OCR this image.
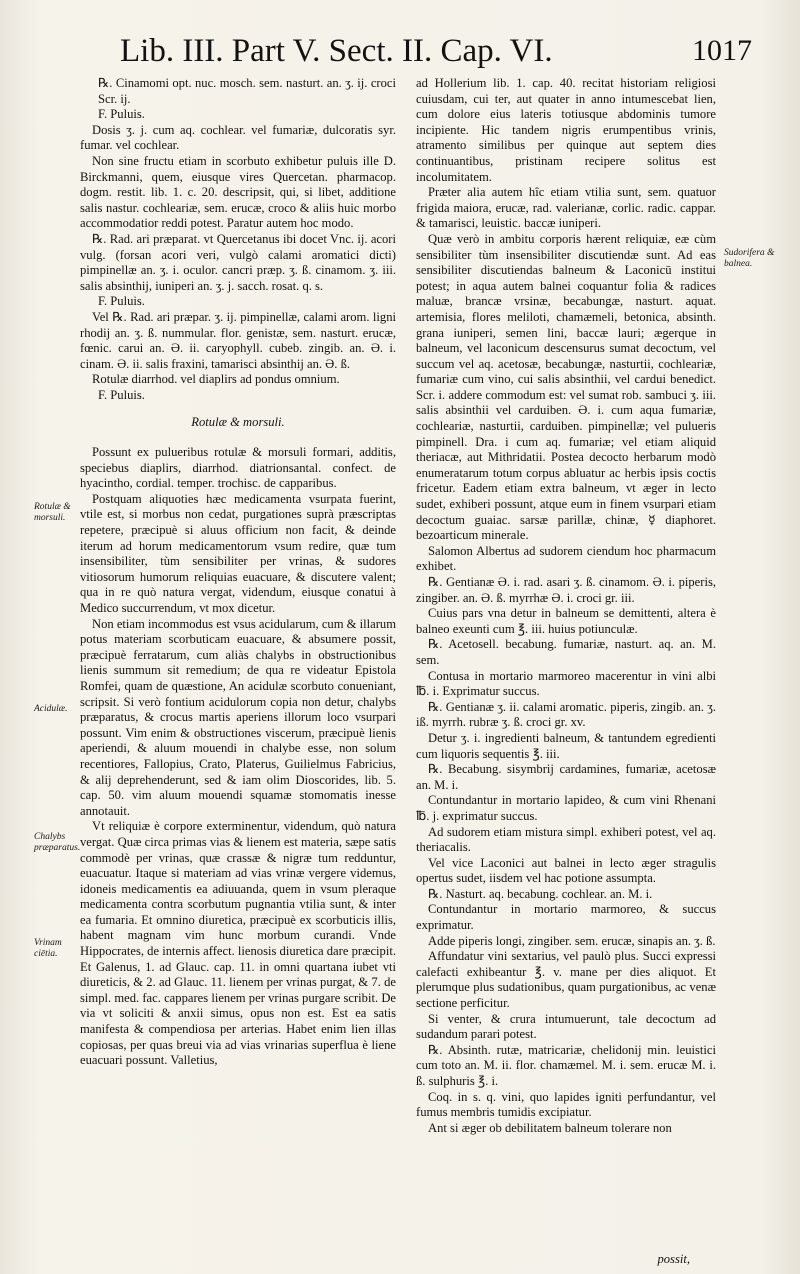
Lib. III. Part V. Sect. II. Cap. VI.	1017
Rotulæ & morsuli.
Acidulæ.
Chalybs præparatus.
Vrinam ciētia.
Sudorifera & balnea.

℞. Cinamomi opt. nuc. mosch. sem. nasturt. an. ʒ. ij. croci Scr. ij.

F. Puluis.

Dosis ʒ. j. cum aq. cochlear. vel fumariæ, dulcoratis syr. fumar. vel cochlear.

Non sine fructu etiam in scorbuto exhibetur puluis ille D. Birckmanni, quem, eiusque vires Quercetan. pharmacop. dogm. restit. lib. 1. c. 20. descripsit, qui, si libet, additione salis nastur. cochleariæ, sem. erucæ, croco & aliis huic morbo accommodatior reddi potest. Paratur autem hoc modo.

℞. Rad. ari præparat. vt Quercetanus ibi docet Vnc. ij. acori vulg. (forsan acori veri, vulgò calami aromatici dicti) pimpinellæ an. ʒ. i. oculor. cancri præp. ʒ. ß. cinamom. ʒ. iii. salis absinthij, iuniperi an. ʒ. j. sacch. rosat. q. s.

F. Puluis.

Vel ℞. Rad. ari præpar. ʒ. ij. pimpinellæ, calami arom. ligni rhodij an. ʒ. ß. nummular. flor. genistæ, sem. nasturt. erucæ, fœnic. carui an. Ə. ii. caryophyll. cubeb. zingib. an. Ə. i. cinam. Ə. ii. salis fraxini, tamarisci absinthij an. Ə. ß.

Rotulæ diarrhod. vel diaplirs ad pondus omnium.

F. Puluis.

Rotulæ & morsuli.

Possunt ex pulueribus rotulæ & morsuli formari, additis, speciebus diaplirs, diarrhod. diatrionsantal. confect. de hyacintho, cordial. temper. trochisc. de capparibus.

Postquam aliquoties hæc medicamenta vsurpata fuerint, vtile est, si morbus non cedat, purgationes suprà præscriptas repetere, præcipuè si aluus officium non facit, & deinde iterum ad horum medicamentorum vsum redire, quæ tum insensibiliter, tùm sensibiliter per vrinas, & sudores vitiosorum humorum reliquias euacuare, & discutere valent; qua in re quò natura vergat, videndum, eiusque conatui à Medico succurrendum, vt mox dicetur.

Non etiam incommodus est vsus acidularum, cum & illarum potus materiam scorbuticam euacuare, & absumere possit, præcipuè ferratarum, cum aliàs chalybs in obstructionibus lienis summum sit remedium; de qua re videatur Epistola Romfei, quam de quæstione, An acidulæ scorbuto conueniant, scripsit. Si verò fontium acidulorum copia non detur, chalybs præparatus, & crocus martis aperiens illorum loco vsurpari possunt. Vim enim & obstructiones viscerum, præcipuè lienis aperiendi, & aluum mouendi in chalybe esse, non solum recentiores, Fallopius, Crato, Platerus, Guilielmus Fabricius, & alij deprehenderunt, sed & iam olim Dioscorides, lib. 5. cap. 50. vim aluum mouendi squamæ stomomatis inesse annotauit.

Vt reliquiæ è corpore exterminentur, videndum, quò natura vergat. Quæ circa primas vias & lienem est materia, sæpe satis commodè per vrinas, quæ crassæ & nigræ tum redduntur, euacuatur. Itaque si materiam ad vias vrinæ vergere videmus, idoneis medicamentis ea adiuuanda, quem in vsum pleraque medicamenta contra scorbutum pugnantia vtilia sunt, & inter ea fumaria. Et omnino diuretica, præcipuè ex scorbuticis illis, habent magnam vim hunc morbum curandi. Vnde Hippocrates, de internis affect. lienosis diuretica dare præcipit. Et Galenus, 1. ad Glauc. cap. 11. in omni quartana iubet vti diureticis, & 2. ad Glauc. 11. lienem per vrinas purgat, & 7. de simpl. med. fac. cappares lienem per vrinas purgare scribit. De via vt soliciti & anxii simus, opus non est. Est ea satis manifesta & compendiosa per arterias. Habet enim lien illas copiosas, per quas breui via ad vias vrinarias superflua è liene euacuari possunt. Valletius,

ad Hollerium lib. 1. cap. 40. recitat historiam religiosi cuiusdam, cui ter, aut quater in anno intumescebat lien, cum dolore eius lateris totiusque abdominis tumore incipiente. Hic tandem nigris erumpentibus vrinis, atramento similibus per quinque aut septem dies continuantibus, pristinam recipere solitus est incolumitatem.

Præter alia autem hîc etiam vtilia sunt, sem. quatuor frigida maiora, erucæ, rad. valerianæ, corlic. radic. cappar. & tamarisci, leuistic. baccæ iuniperi.

Quæ verò in ambitu corporis hærent reliquiæ, eæ cùm sensibiliter tùm insensibiliter discutiendæ sunt. Ad eas sensibiliter discutiendas balneum & Laconicū institui potest; in aqua autem balnei coquantur folia & radices maluæ, brancæ vrsinæ, becabungæ, nasturt. aquat. artemisia, flores meliloti, chamæmeli, betonica, absinth. grana iuniperi, semen lini, baccæ lauri; ægerque in balneum, vel laconicum descensurus sumat decoctum, vel succum vel aq. acetosæ, becabungæ, nasturtii, cochleariæ, fumariæ cum vino, cui salis absinthii, vel cardui benedict. Scr. i. addere commodum est: vel sumat rob. sambuci ʒ. iii. salis absinthii vel carduiben. Ə. i. cum aqua fumariæ, cochleariæ, nasturtii, carduiben. pimpinellæ; vel pulueris pimpinell. Dra. i cum aq. fumariæ; vel etiam aliquid theriacæ, aut Mithridatii. Postea decocto herbarum modò enumeratarum totum corpus abluatur ac herbis ipsis coctis fricetur. Eadem etiam extra balneum, vt æger in lecto sudet, exhiberi possunt, atque eum in finem vsurpari etiam decoctum guaiac. sarsæ parillæ, chinæ, ☿ diaphoret. bezoarticum minerale.

Salomon Albertus ad sudorem ciendum hoc pharmacum exhibet.

℞. Gentianæ Ə. i. rad. asari ʒ. ß. cinamom. Ə. i. piperis, zingiber. an. Ə. ß. myrrhæ Ə. i. croci gr. iii.

Cuius pars vna detur in balneum se demittenti, altera è balneo exeunti cum ℥. iii. huius potiunculæ.

℞. Acetosell. becabung. fumariæ, nasturt. aq. an. M. sem.

Contusa in mortario marmoreo macerentur in vini albi ℔. i. Exprimatur succus.

℞. Gentianæ ʒ. ii. calami aromatic. piperis, zingib. an. ʒ. iß. myrrh. rubræ ʒ. ß. croci gr. xv.

Detur ʒ. i. ingredienti balneum, & tantundem egredienti cum liquoris sequentis ℥. iii.

℞. Becabung. sisymbrij cardamines, fumariæ, acetosæ an. M. i.

Contundantur in mortario lapideo, & cum vini Rhenani ℔. j. exprimatur succus.

Ad sudorem etiam mistura simpl. exhiberi potest, vel aq. theriacalis.

Vel vice Laconici aut balnei in lecto æger stragulis opertus sudet, iisdem vel hac potione assumpta.

℞. Nasturt. aq. becabung. cochlear. an. M. i.

Contundantur in mortario marmoreo, & succus exprimatur.

Adde piperis longi, zingiber. sem. erucæ, sinapis an. ʒ. ß.

Affundatur vini sextarius, vel paulò plus. Succi expressi calefacti exhibeantur ℥. v. mane per dies aliquot. Et plerumque plus sudationibus, quam purgationibus, ac venæ sectione perficitur.

Si venter, & crura intumuerunt, tale decoctum ad sudandum parari potest.

℞. Absinth. rutæ, matricariæ, chelidonij min. leuistici cum toto an. M. ii. flor. chamæmel. M. i. sem. erucæ M. i. ß. sulphuris ℥. i.

Coq. in s. q. vini, quo lapides igniti perfundantur, vel fumus membris tumidis excipiatur.

Ant si æger ob debilitatem balneum tolerare non

possit,
